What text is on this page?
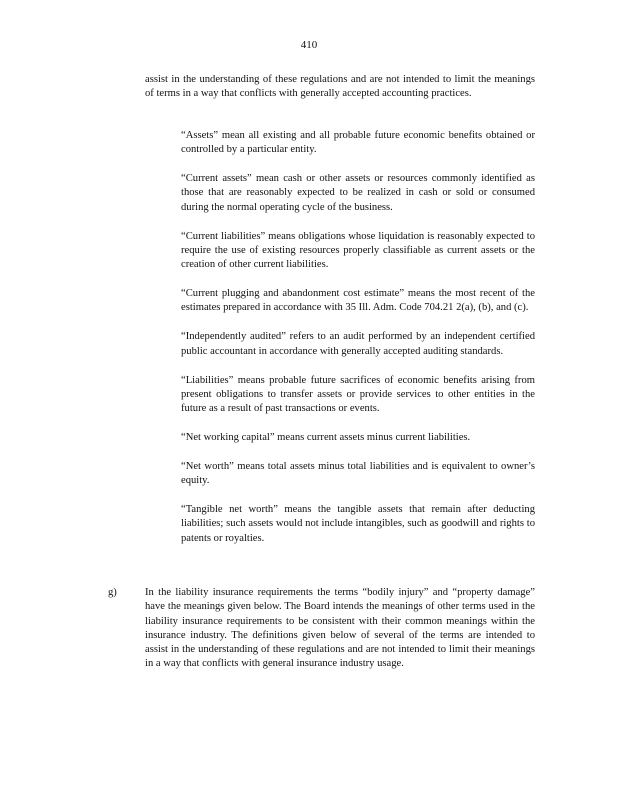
410

assist in the understanding of these regulations and are not intended to limit the meanings of terms in a way that conflicts with generally accepted accounting practices.

“Assets” mean all existing and all probable future economic benefits obtained or controlled by a particular entity.

“Current assets” mean cash or other assets or resources commonly identified as those that are reasonably expected to be realized in cash or sold or consumed during the normal operating cycle of the business.

“Current liabilities” means obligations whose liquidation is reasonably expected to require the use of existing resources properly classifiable as current assets or the creation of other current liabilities.

“Current plugging and abandonment cost estimate” means the most recent of the estimates prepared in accordance with 35 Ill. Adm. Code 704.21 2(a), (b), and (c).

“Independently audited” refers to an audit performed by an independent certified public accountant in accordance with generally accepted auditing standards.

“Liabilities” means probable future sacrifices of economic benefits arising from present obligations to transfer assets or provide services to other entities in the future as a result of past transactions or events.

“Net working capital” means current assets minus current liabilities.

“Net worth” means total assets minus total liabilities and is equivalent to owner’s equity.

“Tangible net worth” means the tangible assets that remain after deducting liabilities; such assets would not include intangibles, such as goodwill and rights to patents or royalties.

g)	In the liability insurance requirements the terms “bodily injury” and “property damage” have the meanings given below. The Board intends the meanings of other terms used in the liability insurance requirements to be consistent with their common meanings within the insurance industry. The definitions given below of several of the terms are intended to assist in the understanding of these regulations and are not intended to limit their meanings in a way that conflicts with general insurance industry usage.
